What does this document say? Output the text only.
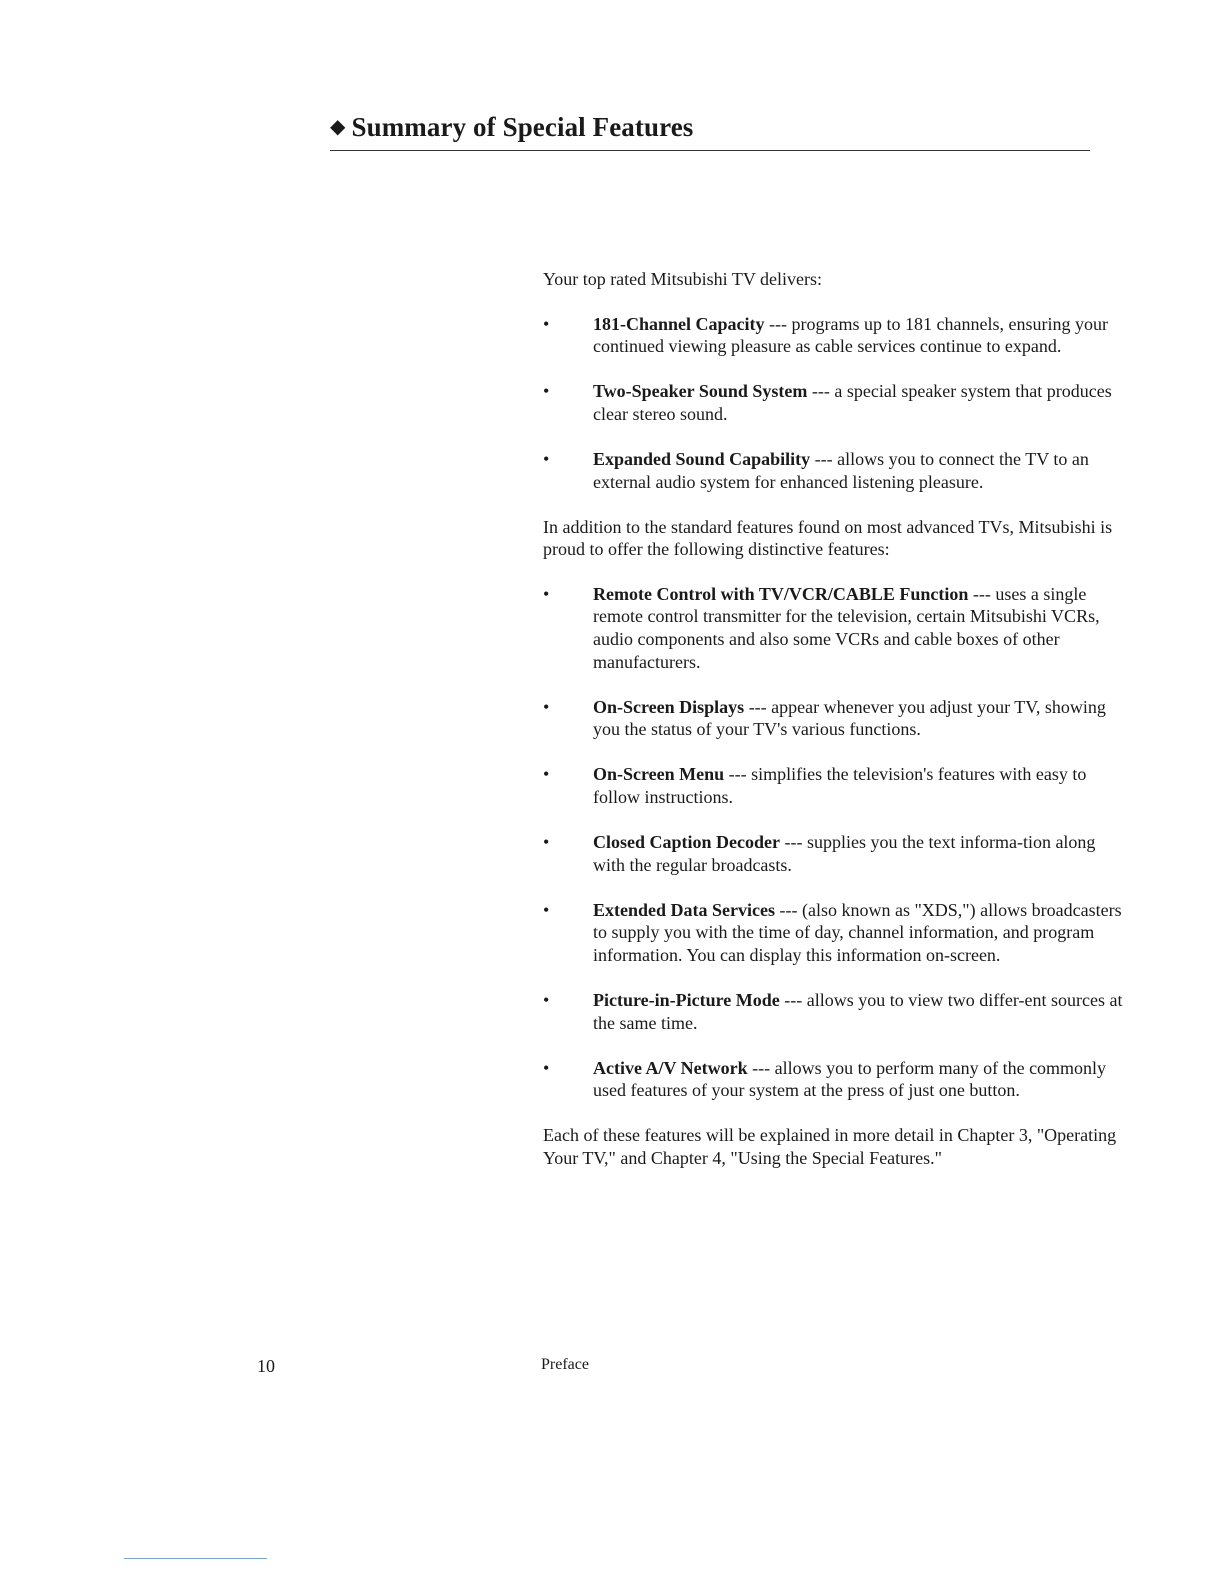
◆ Summary of Special Features

Your top rated Mitsubishi TV delivers:

• 181-Channel Capacity --- programs up to 181 channels, ensuring your continued viewing pleasure as cable services continue to expand.
• Two-Speaker Sound System --- a special speaker system that produces clear stereo sound.
• Expanded Sound Capability --- allows you to connect the TV to an external audio system for enhanced listening pleasure.

In addition to the standard features found on most advanced TVs, Mitsubishi is proud to offer the following distinctive features:

• Remote Control with TV/VCR/CABLE Function --- uses a single remote control transmitter for the television, certain Mitsubishi VCRs, audio components and also some VCRs and cable boxes of other manufacturers.
• On-Screen Displays --- appear whenever you adjust your TV, showing you the status of your TV's various functions.
• On-Screen Menu --- simplifies the television's features with easy to follow instructions.
• Closed Caption Decoder --- supplies you the text informa-tion along with the regular broadcasts.
• Extended Data Services --- (also known as "XDS,") allows broadcasters to supply you with the time of day, channel information, and program information. You can display this information on-screen.
• Picture-in-Picture Mode --- allows you to view two differ-ent sources at the same time.
• Active A/V Network --- allows you to perform many of the commonly used features of your system at the press of just one button.

Each of these features will be explained in more detail in Chapter 3, "Operating Your TV," and Chapter 4, "Using the Special Features."

10	Preface
